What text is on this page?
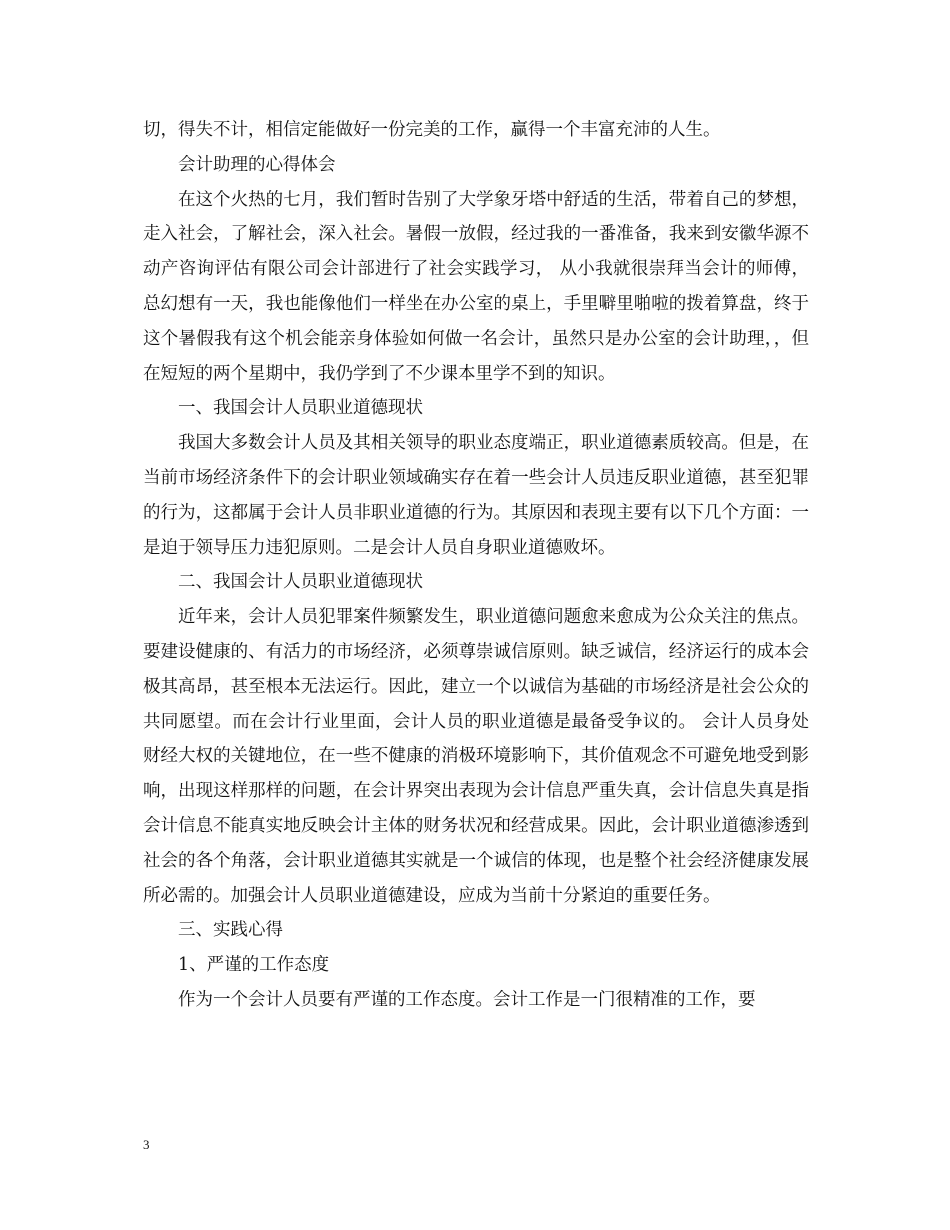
切，得失不计，相信定能做好一份完美的工作，赢得一个丰富充沛的人生。

会计助理的心得体会

在这个火热的七月，我们暂时告别了大学象牙塔中舒适的生活，带着自己的梦想，走入社会，了解社会，深入社会。暑假一放假，经过我的一番准备，我来到安徽华源不动产咨询评估有限公司会计部进行了社会实践学习， 从小我就很崇拜当会计的师傅，总幻想有一天，我也能像他们一样坐在办公室的桌上，手里噼里啪啦的拨着算盘，终于这个暑假我有这个机会能亲身体验如何做一名会计，虽然只是办公室的会计助理，，但在短短的两个星期中，我仍学到了不少课本里学不到的知识。

一、我国会计人员职业道德现状

我国大多数会计人员及其相关领导的职业态度端正，职业道德素质较高。但是，在当前市场经济条件下的会计职业领域确实存在着一些会计人员违反职业道德，甚至犯罪的行为，这都属于会计人员非职业道德的行为。其原因和表现主要有以下几个方面：一是迫于领导压力违犯原则。二是会计人员自身职业道德败坏。

二、我国会计人员职业道德现状

近年来，会计人员犯罪案件频繁发生，职业道德问题愈来愈成为公众关注的焦点。要建设健康的、有活力的市场经济，必须尊崇诚信原则。缺乏诚信，经济运行的成本会极其高昂，甚至根本无法运行。因此，建立一个以诚信为基础的市场经济是社会公众的共同愿望。而在会计行业里面，会计人员的职业道德是最备受争议的。 会计人员身处财经大权的关键地位，在一些不健康的消极环境影响下，其价值观念不可避免地受到影响，出现这样那样的问题，在会计界突出表现为会计信息严重失真，会计信息失真是指会计信息不能真实地反映会计主体的财务状况和经营成果。因此，会计职业道德渗透到社会的各个角落，会计职业道德其实就是一个诚信的体现，也是整个社会经济健康发展所必需的。加强会计人员职业道德建设，应成为当前十分紧迫的重要任务。

三、实践心得

1、严谨的工作态度

作为一个会计人员要有严谨的工作态度。会计工作是一门很精准的工作，要

3
